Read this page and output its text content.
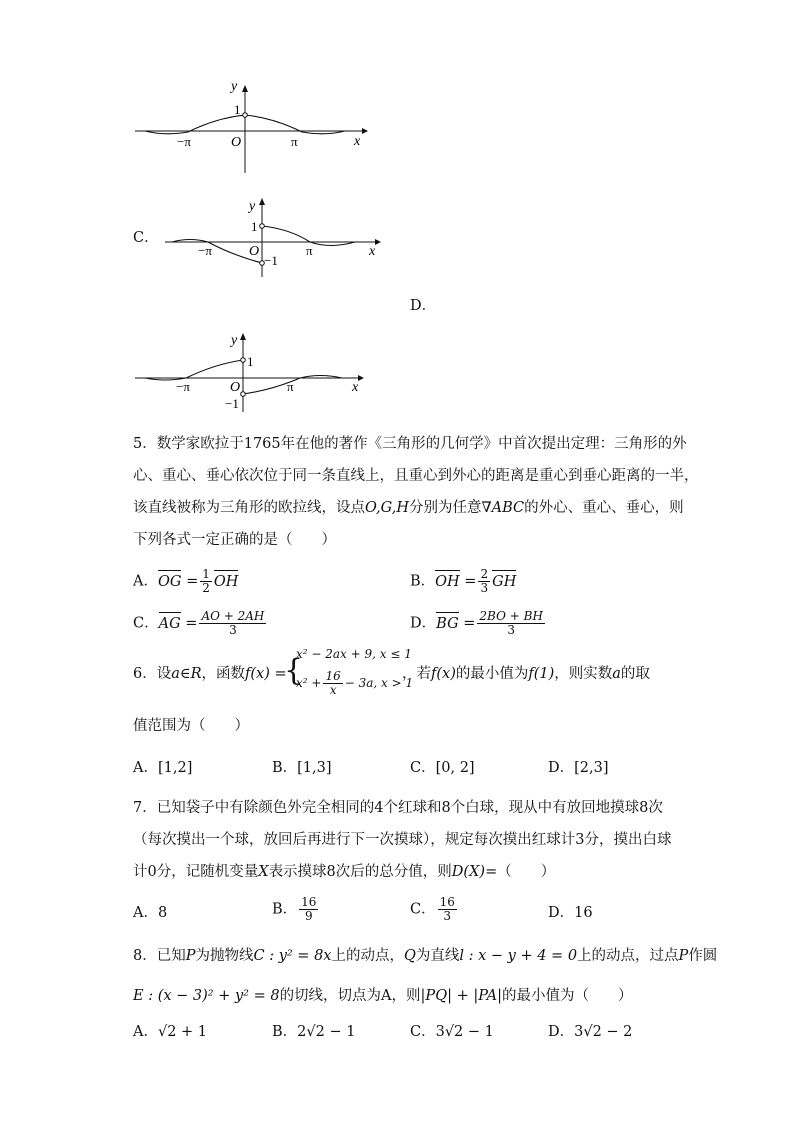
y
x
1
O
−π	π
C．
y
x
1
O
−1
−π	π
D．
y
x
1
O
−1
−π	π
5．数学家欧拉于1765年在他的著作《三角形的几何学》中首次提出定理：三角形的外
心、重心、垂心依次位于同一条直线上，且重心到外心的距离是重心到垂心距离的一半，
该直线被称为三角形的欧拉线，设点O,G,H分别为任意∇ABC的外心、重心、垂心，则
下列各式一定正确的是（　　）
A．OG = $\frac{1}{2}$ OH	B．OH = $\frac{2}{3}$ GH
C．AG = $\frac{AO + 2AH}{3}$	D．BG = $\frac{2BO + BH}{3}$
6．设a∈R，函数f(x) =
{
x² − 2ax + 9, x ≤ 1
$x^2 + \frac{16}{x} - 3a$, x > 1
，若f(x)的最小值为f(1)，则实数a的取
值范围为（　　）
A．[1,2]	B．[1,3]	C．[0, 2]	D．[2,3]
7．已知袋子中有除颜色外完全相同的4个红球和8个白球，现从中有放回地摸球8次
（每次摸出一个球，放回后再进行下一次摸球），规定每次摸出红球计3分，摸出白球
计0分，记随机变量X表示摸球8次后的总分值，则D(X)=（　　）
A．8	B． $\frac{16}{9}$	C． $\frac{16}{3}$	D．16
8．已知P为抛物线C : y² = 8x上的动点，Q为直线l : x − y + 4 = 0上的动点，过点P作圆
E : (x − 3)² + y² = 8的切线，切点为A，则|PQ| + |PA|的最小值为（　　）
A．√2 + 1	B．2√2 − 1	C．3√2 − 1	D．3√2 − 2
